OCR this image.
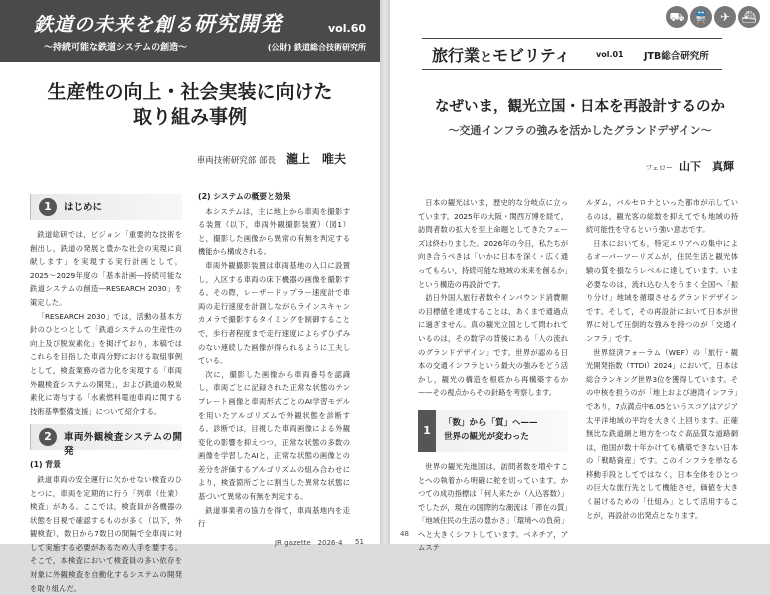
鉄道の未来を創る研究開発	vol.60
〜持続可能な鉄道システムの創造〜	(公財) 鉄道総合技術研究所
生産性の向上・社会実装に向けた
取り組み事例
車両技術研究部 部長 瀧上　唯夫
1	はじめに

鉄道総研では，ビジョン「重要的な技術を創出し，鉄道の発展と豊かな社会の実現に貢献します」を実現する実行計画として，2025〜2029年度の「基本計画―持続可能な鉄道システムの創造―RESEARCH 2030」を策定した。

「RESEARCH 2030」では，活動の基本方針のひとつとして「鉄道システムの生産性の向上及び脱炭素化」を掲げており，本稿ではこれらを目指した車両分野における取組事例として，検査業務の省力化を実現する「車両外観検査システムの開発」，および鉄道の脱炭素化に寄与する「水素燃料電池車両に関する技術基準整備支援」について紹介する。

2	車両外観検査システムの開発
(1) 背景

鉄道車両の安全運行に欠かせない検査のひとつに，車両を定期的に行う「列車（仕業）検査」がある。ここでは，検査員が各機器の状態を目視で確認するものが多く（以下，外観検査），数日から7数日の間隔で全車両に対して実施する必要があるため人手を要する。そこで，本検査において検査員の多い依存を対象に外観検査を自動化するシステムの開発を取り組んだ。

(2) システムの概要と効果

本システムは，主に地上から車両を撮影する装置（以下，車両外観撮影装置）（図1）と，撮影した画像から異常の有無を判定する機能から構成される。

車両外観撮影装置は車両基地の入口に設置し，入区する車両の床下機器の画像を撮影する。その際，レーザードップラー速度計で車両の走行速度を計測しながらラインスキャンカメラで撮影するタイミングを制御することで，歩行者程度まで走行速度によらずひずみのない連続した画像が得られるように工夫している。

次に，撮影した画像から車両番号を認識し，車両ごとに記録された正常な状態のテンプレート画像と車両形式ごとのAI学習モデルを用いたアルゴリズムで外観状態を診断する。診断では，目視した車両画像による外観変化の影響を抑えつつ，正常な状態の多数の画像を学習したAIと，正常な状態の画像との差分を評価するアルゴリズムの組み合わせにより，検査箇所ごとに割当した異常な状態に基づいて異常の有無を判定する。

鉄道事業者の協力を得て，車両基地内を走行

JR gazette　2026-4 51
⛟ 🚆 ✈ ⛴
旅行業とモビリティ	vol.01 JTB総合研究所
なぜいま，観光立国・日本を再設計するのか
〜交通インフラの強みを活かしたグランドデザイン〜
フェロー 山下　真輝

日本の観光はいま，歴史的な分岐点に立っています。2025年の大阪・関西万博を経て，訪問者数の拡大を至上命題としてきたフェーズは終わりました。2026年の今日，私たちが向き合うべきは「いかに日本を深く・広く通ってもらい，持続可能な地域の未来を創るか」という構造の再設計です。

訪日外国人旅行者数やインバウンド消費額の目標値を達成することは，あくまで通過点に過ぎません。真の観光立国として問われているのは，その数字の背後にある「人の流れのグランドデザイン」です。世界が認める日本の交通インフラという最大の強みをどう活かし，観光の構造を根底から再構築するか——その視点からその針路を考察します。

1
「数」から「質」へ——
世界の観光が変わった

世界の観光先進国は，訪問者数を増やすことへの執着から明確に舵を切っています。かつての成功指標は「何人来たか（入込客数）」でしたが，現在の国際的な潮流は「滞在の質」「地域住民の生活の豊かさ」「環境への負荷」へと大きくシフトしています。ベネチア，アムステ

ルダム，バルセロナといった都市が示しているのは，観光客の総数を抑えてでも地域の持続可能性を守るという強い意志です。

日本においても，特定エリアへの集中によるオーバーツーリズムが，住民生活と観光体験の質を損なうレベルに達しています。いま必要なのは，流れ込む人をうまく全国へ「振り分け」地域を循環させるグランドデザインです。そして，その再設計において日本が世界に対して圧倒的な強みを持つのが「交通インフラ」です。

世界経済フォーラム（WEF）の「旅行・観光開発指数（TTDI）2024」において，日本は総合ランキング世界3位を獲得しています。その中核を担うのが「地上および港湾インフラ」であり，7点満点中6.05というスコアはアジア太平洋地域の平均を大きく上回ります。正確無比な鉄道網と地方をつなぐ高品質な道路網は，他国が数十年かけても構築できない日本の「戦略資産」です。このインフラを単なる移動手段としてではなく，日本全体をひとつの巨大な旅行先として機能させ，価値を大きく届けるための「仕組み」として活用することが，再設計の出発点となります。

48
